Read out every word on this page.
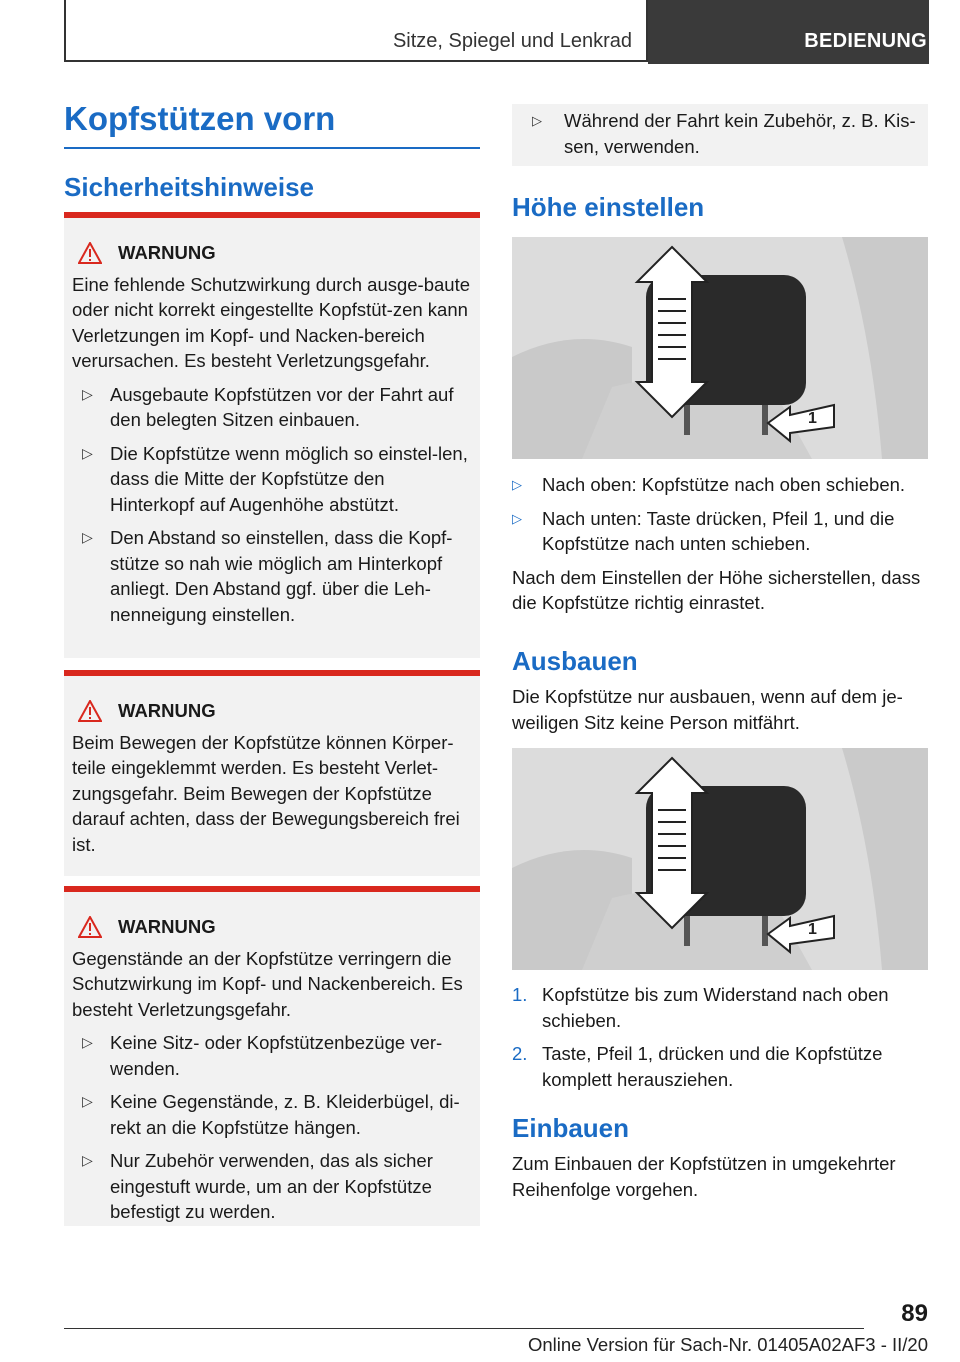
Sitze, Spiegel und Lenkrad	BEDIENUNG
Kopfstützen vorn
Sicherheitshinweise
WARNUNG

Eine fehlende Schutzwirkung durch ausge-baute oder nicht korrekt eingestellte Kopfstüt-zen kann Verletzungen im Kopf- und Nacken-bereich verursachen. Es besteht Verletzungsgefahr.

▷ Ausgebaute Kopfstützen vor der Fahrt auf den belegten Sitzen einbauen.
▷ Die Kopfstütze wenn möglich so einstel-len, dass die Mitte der Kopfstütze den Hinterkopf auf Augenhöhe abstützt.
▷ Den Abstand so einstellen, dass die Kopf-stütze so nah wie möglich am Hinterkopf anliegt. Den Abstand ggf. über die Leh-nenneigung einstellen.
WARNUNG

Beim Bewegen der Kopfstütze können Körper-teile eingeklemmt werden. Es besteht Verlet-zungsgefahr. Beim Bewegen der Kopfstütze darauf achten, dass der Bewegungsbereich frei ist.

WARNUNG

Gegenstände an der Kopfstütze verringern die Schutzwirkung im Kopf- und Nackenbereich. Es besteht Verletzungsgefahr.

▷ Keine Sitz- oder Kopfstützenbezüge ver-wenden.
▷ Keine Gegenstände, z. B. Kleiderbügel, di-rekt an die Kopfstütze hängen.
▷ Nur Zubehör verwenden, das als sicher eingestuft wurde, um an der Kopfstütze befestigt zu werden.
▷	Während der Fahrt kein Zubehör, z. B. Kis-sen, verwenden.
Höhe einstellen
1
▷	Nach oben: Kopfstütze nach oben schieben.
▷	Nach unten: Taste drücken, Pfeil 1, und die Kopfstütze nach unten schieben.

Nach dem Einstellen der Höhe sicherstellen, dass die Kopfstütze richtig einrastet.

Ausbauen
Die Kopfstütze nur ausbauen, wenn auf dem je-weiligen Sitz keine Person mitfährt.
1
1. Kopfstütze bis zum Widerstand nach oben schieben.
2. Taste, Pfeil 1, drücken und die Kopfstütze komplett herausziehen.
Einbauen
Zum Einbauen der Kopfstützen in umgekehrter Reihenfolge vorgehen.
89
Online Version für Sach-Nr. 01405A02AF3 - II/20
